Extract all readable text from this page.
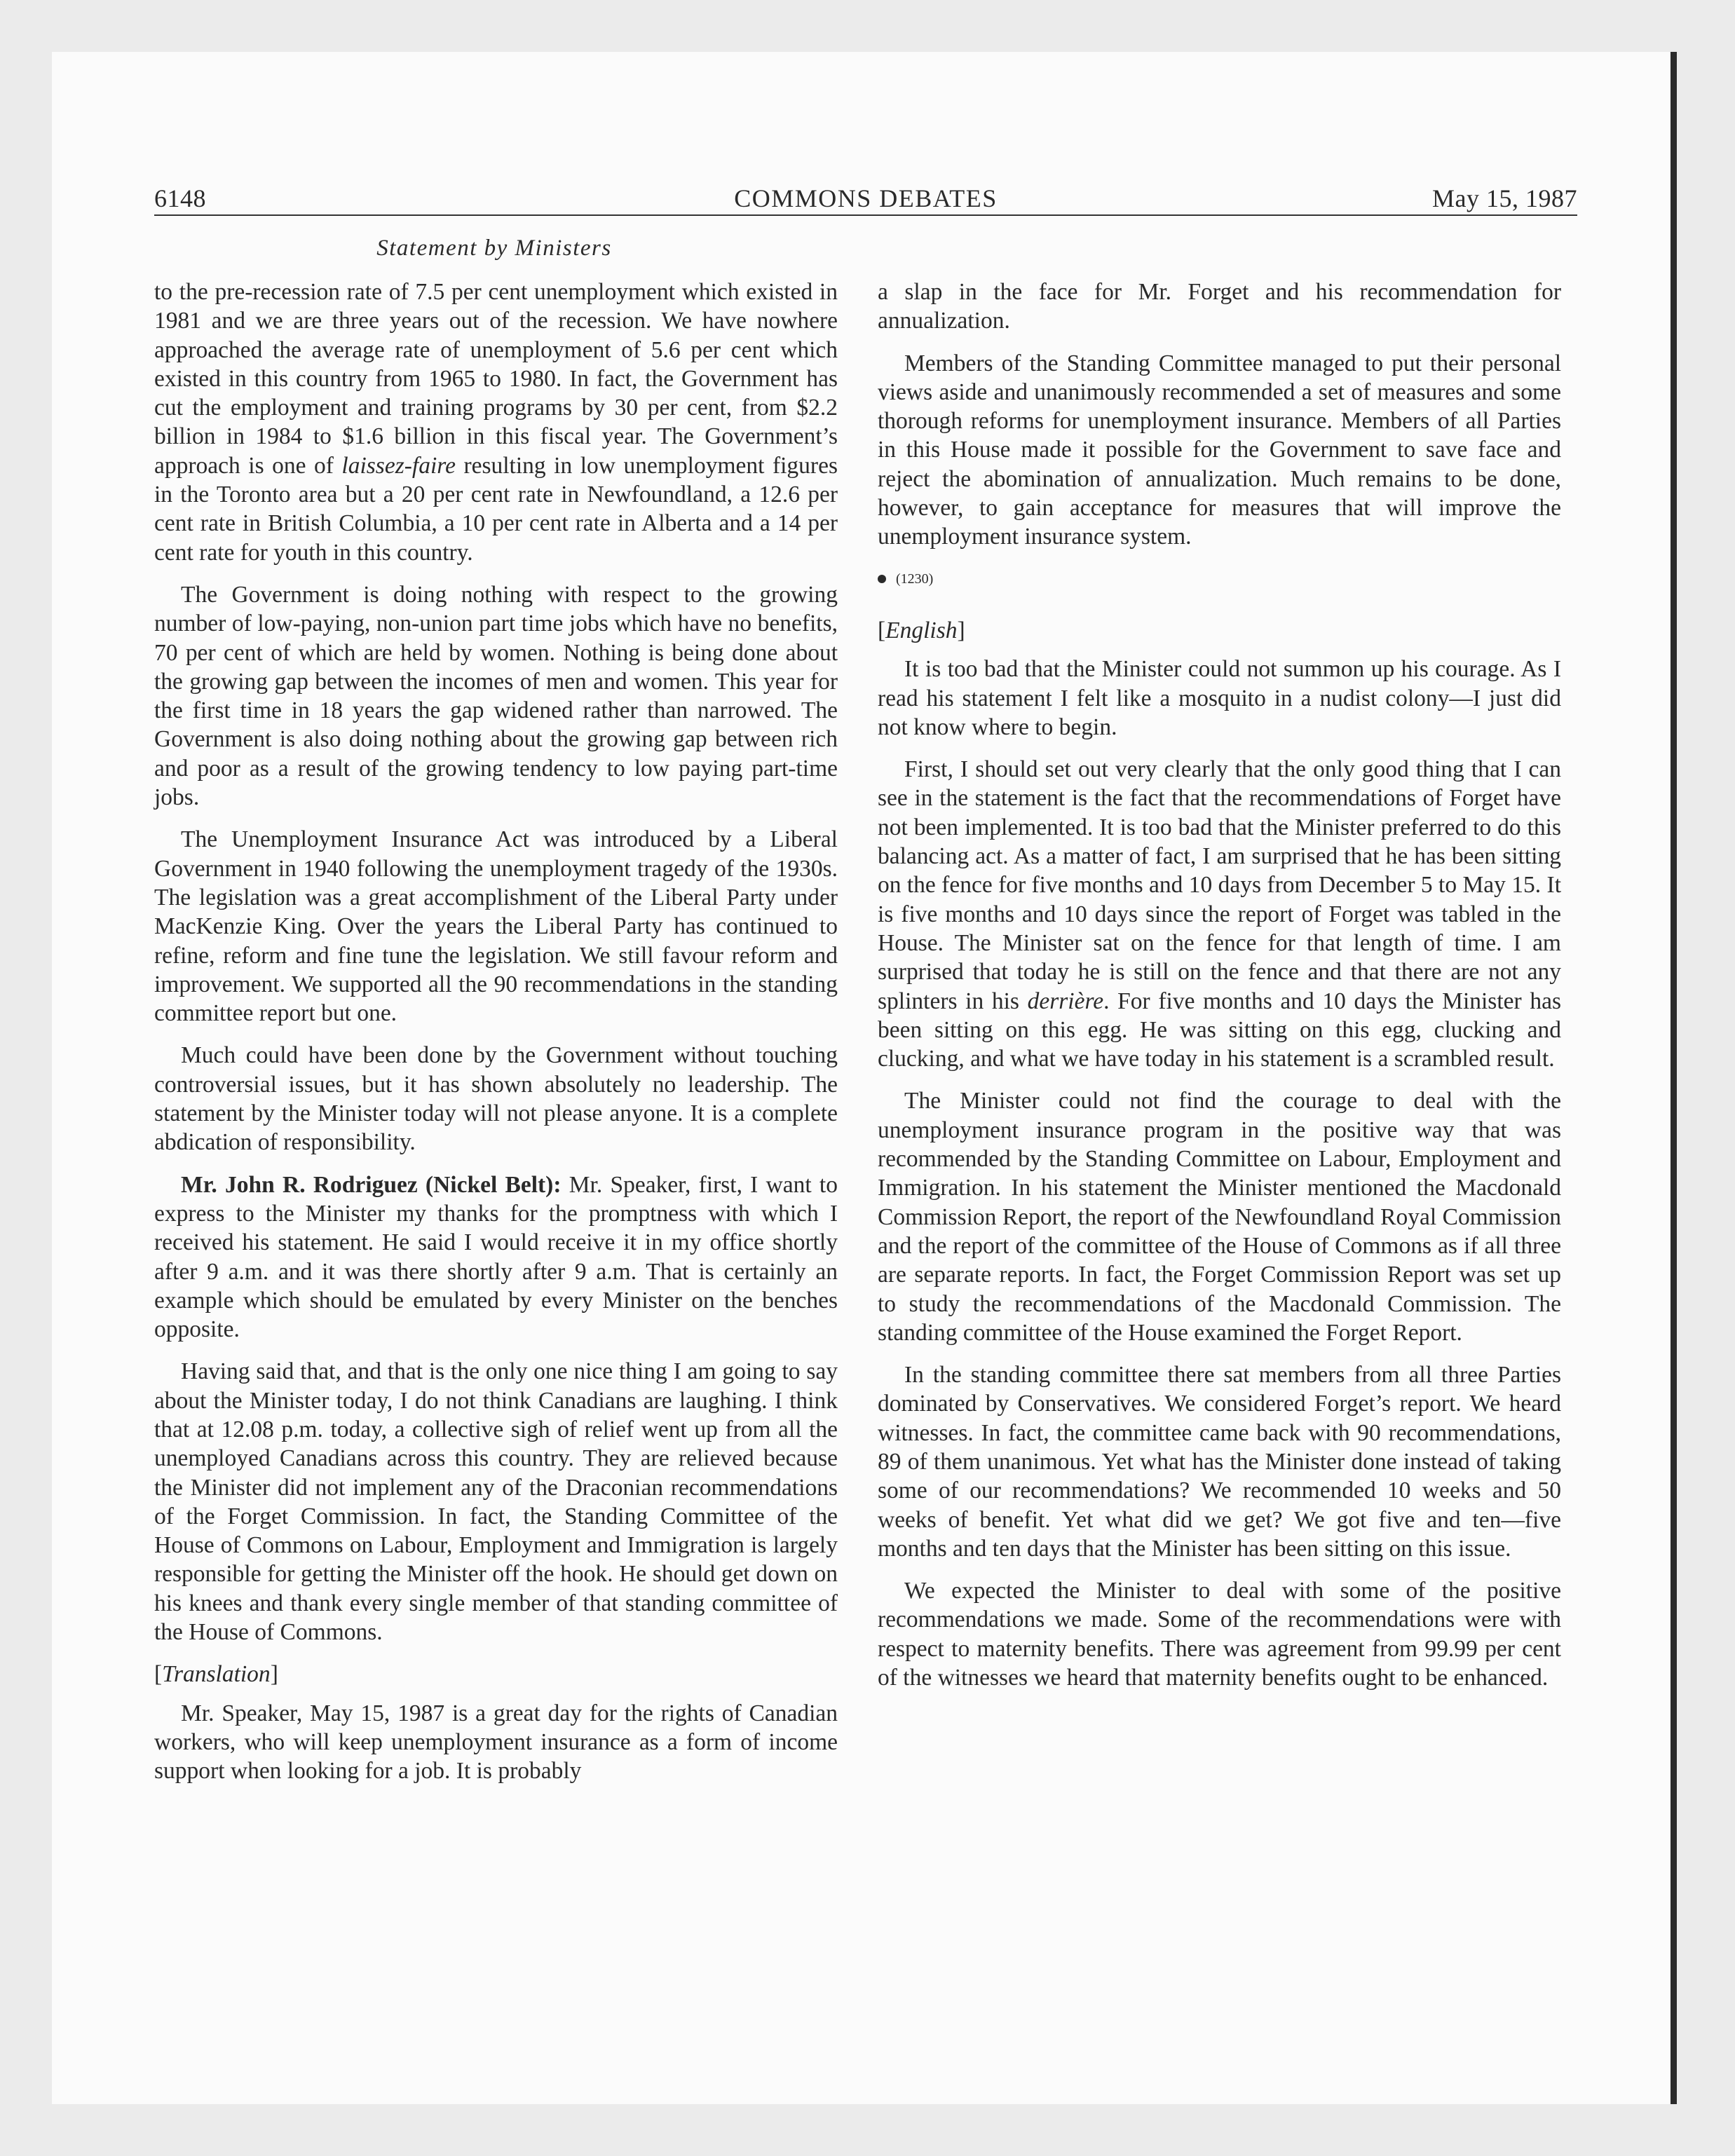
6148	COMMONS DEBATES	May 15, 1987
Statement by Ministers

to the pre-recession rate of 7.5 per cent unemployment which existed in 1981 and we are three years out of the recession. We have nowhere approached the average rate of unemployment of 5.6 per cent which existed in this country from 1965 to 1980. In fact, the Government has cut the employment and training programs by 30 per cent, from $2.2 billion in 1984 to $1.6 billion in this fiscal year. The Government’s approach is one of laissez-faire resulting in low unemployment figures in the Toronto area but a 20 per cent rate in Newfoundland, a 12.6 per cent rate in British Columbia, a 10 per cent rate in Alberta and a 14 per cent rate for youth in this country.

The Government is doing nothing with respect to the growing number of low-paying, non-union part time jobs which have no benefits, 70 per cent of which are held by women. Nothing is being done about the growing gap between the incomes of men and women. This year for the first time in 18 years the gap widened rather than narrowed. The Government is also doing nothing about the growing gap between rich and poor as a result of the growing tendency to low paying part-time jobs.

The Unemployment Insurance Act was introduced by a Liberal Government in 1940 following the unemployment tragedy of the 1930s. The legislation was a great accomplishment of the Liberal Party under MacKenzie King. Over the years the Liberal Party has continued to refine, reform and fine tune the legislation. We still favour reform and improvement. We supported all the 90 recommendations in the standing committee report but one.

Much could have been done by the Government without touching controversial issues, but it has shown absolutely no leadership. The statement by the Minister today will not please anyone. It is a complete abdication of responsibility.

Mr. John R. Rodriguez (Nickel Belt): Mr. Speaker, first, I want to express to the Minister my thanks for the promptness with which I received his statement. He said I would receive it in my office shortly after 9 a.m. and it was there shortly after 9 a.m. That is certainly an example which should be emulated by every Minister on the benches opposite.

Having said that, and that is the only one nice thing I am going to say about the Minister today, I do not think Canadians are laughing. I think that at 12.08 p.m. today, a collective sigh of relief went up from all the unemployed Canadians across this country. They are relieved because the Minister did not implement any of the Draconian recommendations of the Forget Commission. In fact, the Standing Committee of the House of Commons on Labour, Employment and Immigration is largely responsible for getting the Minister off the hook. He should get down on his knees and thank every single member of that standing committee of the House of Commons.

[Translation]

Mr. Speaker, May 15, 1987 is a great day for the rights of Canadian workers, who will keep unemployment insurance as a form of income support when looking for a job. It is probably

a slap in the face for Mr. Forget and his recommendation for annualization.

Members of the Standing Committee managed to put their personal views aside and unanimously recommended a set of measures and some thorough reforms for unemployment insurance. Members of all Parties in this House made it possible for the Government to save face and reject the abomination of annualization. Much remains to be done, however, to gain acceptance for measures that will improve the unemployment insurance system.

(1230)

[English]

It is too bad that the Minister could not summon up his courage. As I read his statement I felt like a mosquito in a nudist colony—I just did not know where to begin.

First, I should set out very clearly that the only good thing that I can see in the statement is the fact that the recommendations of Forget have not been implemented. It is too bad that the Minister preferred to do this balancing act. As a matter of fact, I am surprised that he has been sitting on the fence for five months and 10 days from December 5 to May 15. It is five months and 10 days since the report of Forget was tabled in the House. The Minister sat on the fence for that length of time. I am surprised that today he is still on the fence and that there are not any splinters in his derrière. For five months and 10 days the Minister has been sitting on this egg. He was sitting on this egg, clucking and clucking, and what we have today in his statement is a scrambled result.

The Minister could not find the courage to deal with the unemployment insurance program in the positive way that was recommended by the Standing Committee on Labour, Employment and Immigration. In his statement the Minister mentioned the Macdonald Commission Report, the report of the Newfoundland Royal Commission and the report of the committee of the House of Commons as if all three are separate reports. In fact, the Forget Commission Report was set up to study the recommendations of the Macdonald Commission. The standing committee of the House examined the Forget Report.

In the standing committee there sat members from all three Parties dominated by Conservatives. We considered Forget’s report. We heard witnesses. In fact, the committee came back with 90 recommendations, 89 of them unanimous. Yet what has the Minister done instead of taking some of our recommendations? We recommended 10 weeks and 50 weeks of benefit. Yet what did we get? We got five and ten—five months and ten days that the Minister has been sitting on this issue.

We expected the Minister to deal with some of the positive recommendations we made. Some of the recommendations were with respect to maternity benefits. There was agreement from 99.99 per cent of the witnesses we heard that maternity benefits ought to be enhanced.
